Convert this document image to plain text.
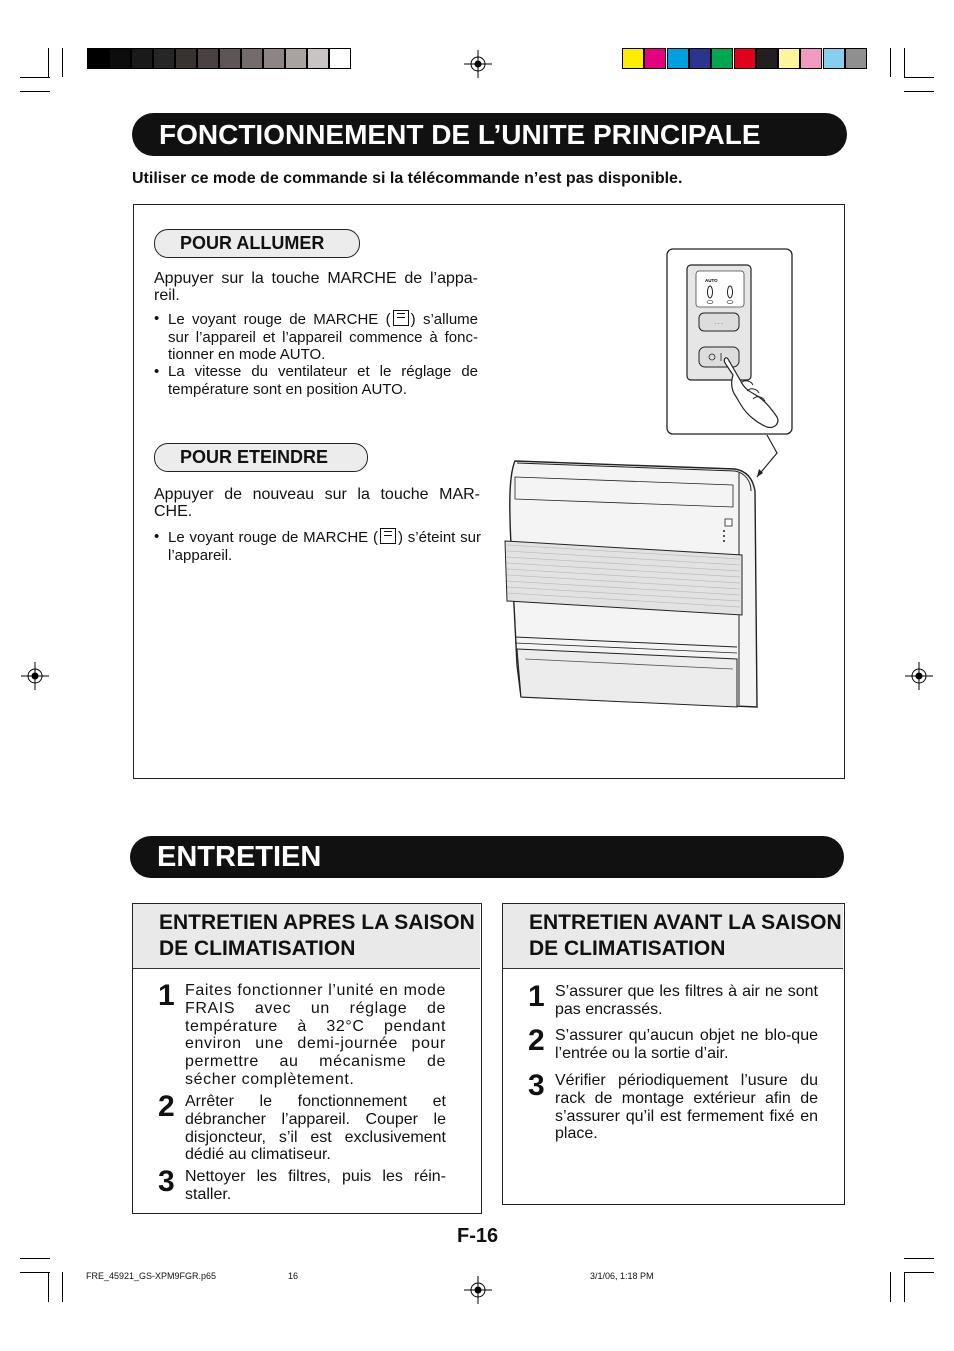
FONCTIONNEMENT DE L’UNITE PRINCIPALE
Utiliser ce mode de commande si la télécommande n’est pas disponible.
POUR ALLUMER
Appuyer sur la touche MARCHE de l’appa-reil.
• Le voyant rouge de MARCHE ( ) s’allume sur l’appareil et l’appareil commence à fonc-tionner en mode AUTO.
• La vitesse du ventilateur et le réglage de température sont en position AUTO.
POUR ETEINDRE
Appuyer de nouveau sur la touche MAR-CHE.
• Le voyant rouge de MARCHE ( ) s’éteint sur l’appareil.
AUTO
· · ·
ENTRETIEN
ENTRETIEN APRES LA SAISON DE CLIMATISATION
1 Faites fonctionner l’unité en mode FRAIS avec un réglage de température à 32°C pendant environ une demi-journée pour permettre au mécanisme de sécher complètement.
2 Arrêter le fonctionnement et débrancher l’appareil. Couper le disjoncteur, s’il est exclusivement dédié au climatiseur.
3 Nettoyer les filtres, puis les réin-staller.
ENTRETIEN AVANT LA SAISON DE CLIMATISATION
1 S’assurer que les filtres à air ne sont pas encrassés.
2 S’assurer qu’aucun objet ne blo-que l’entrée ou la sortie d’air.
3 Vérifier périodiquement l’usure du rack de montage extérieur afin de s’assurer qu’il est fermement fixé en place.
F-16
FRE_45921_GS-XPM9FGR.p65	16	3/1/06, 1:18 PM
